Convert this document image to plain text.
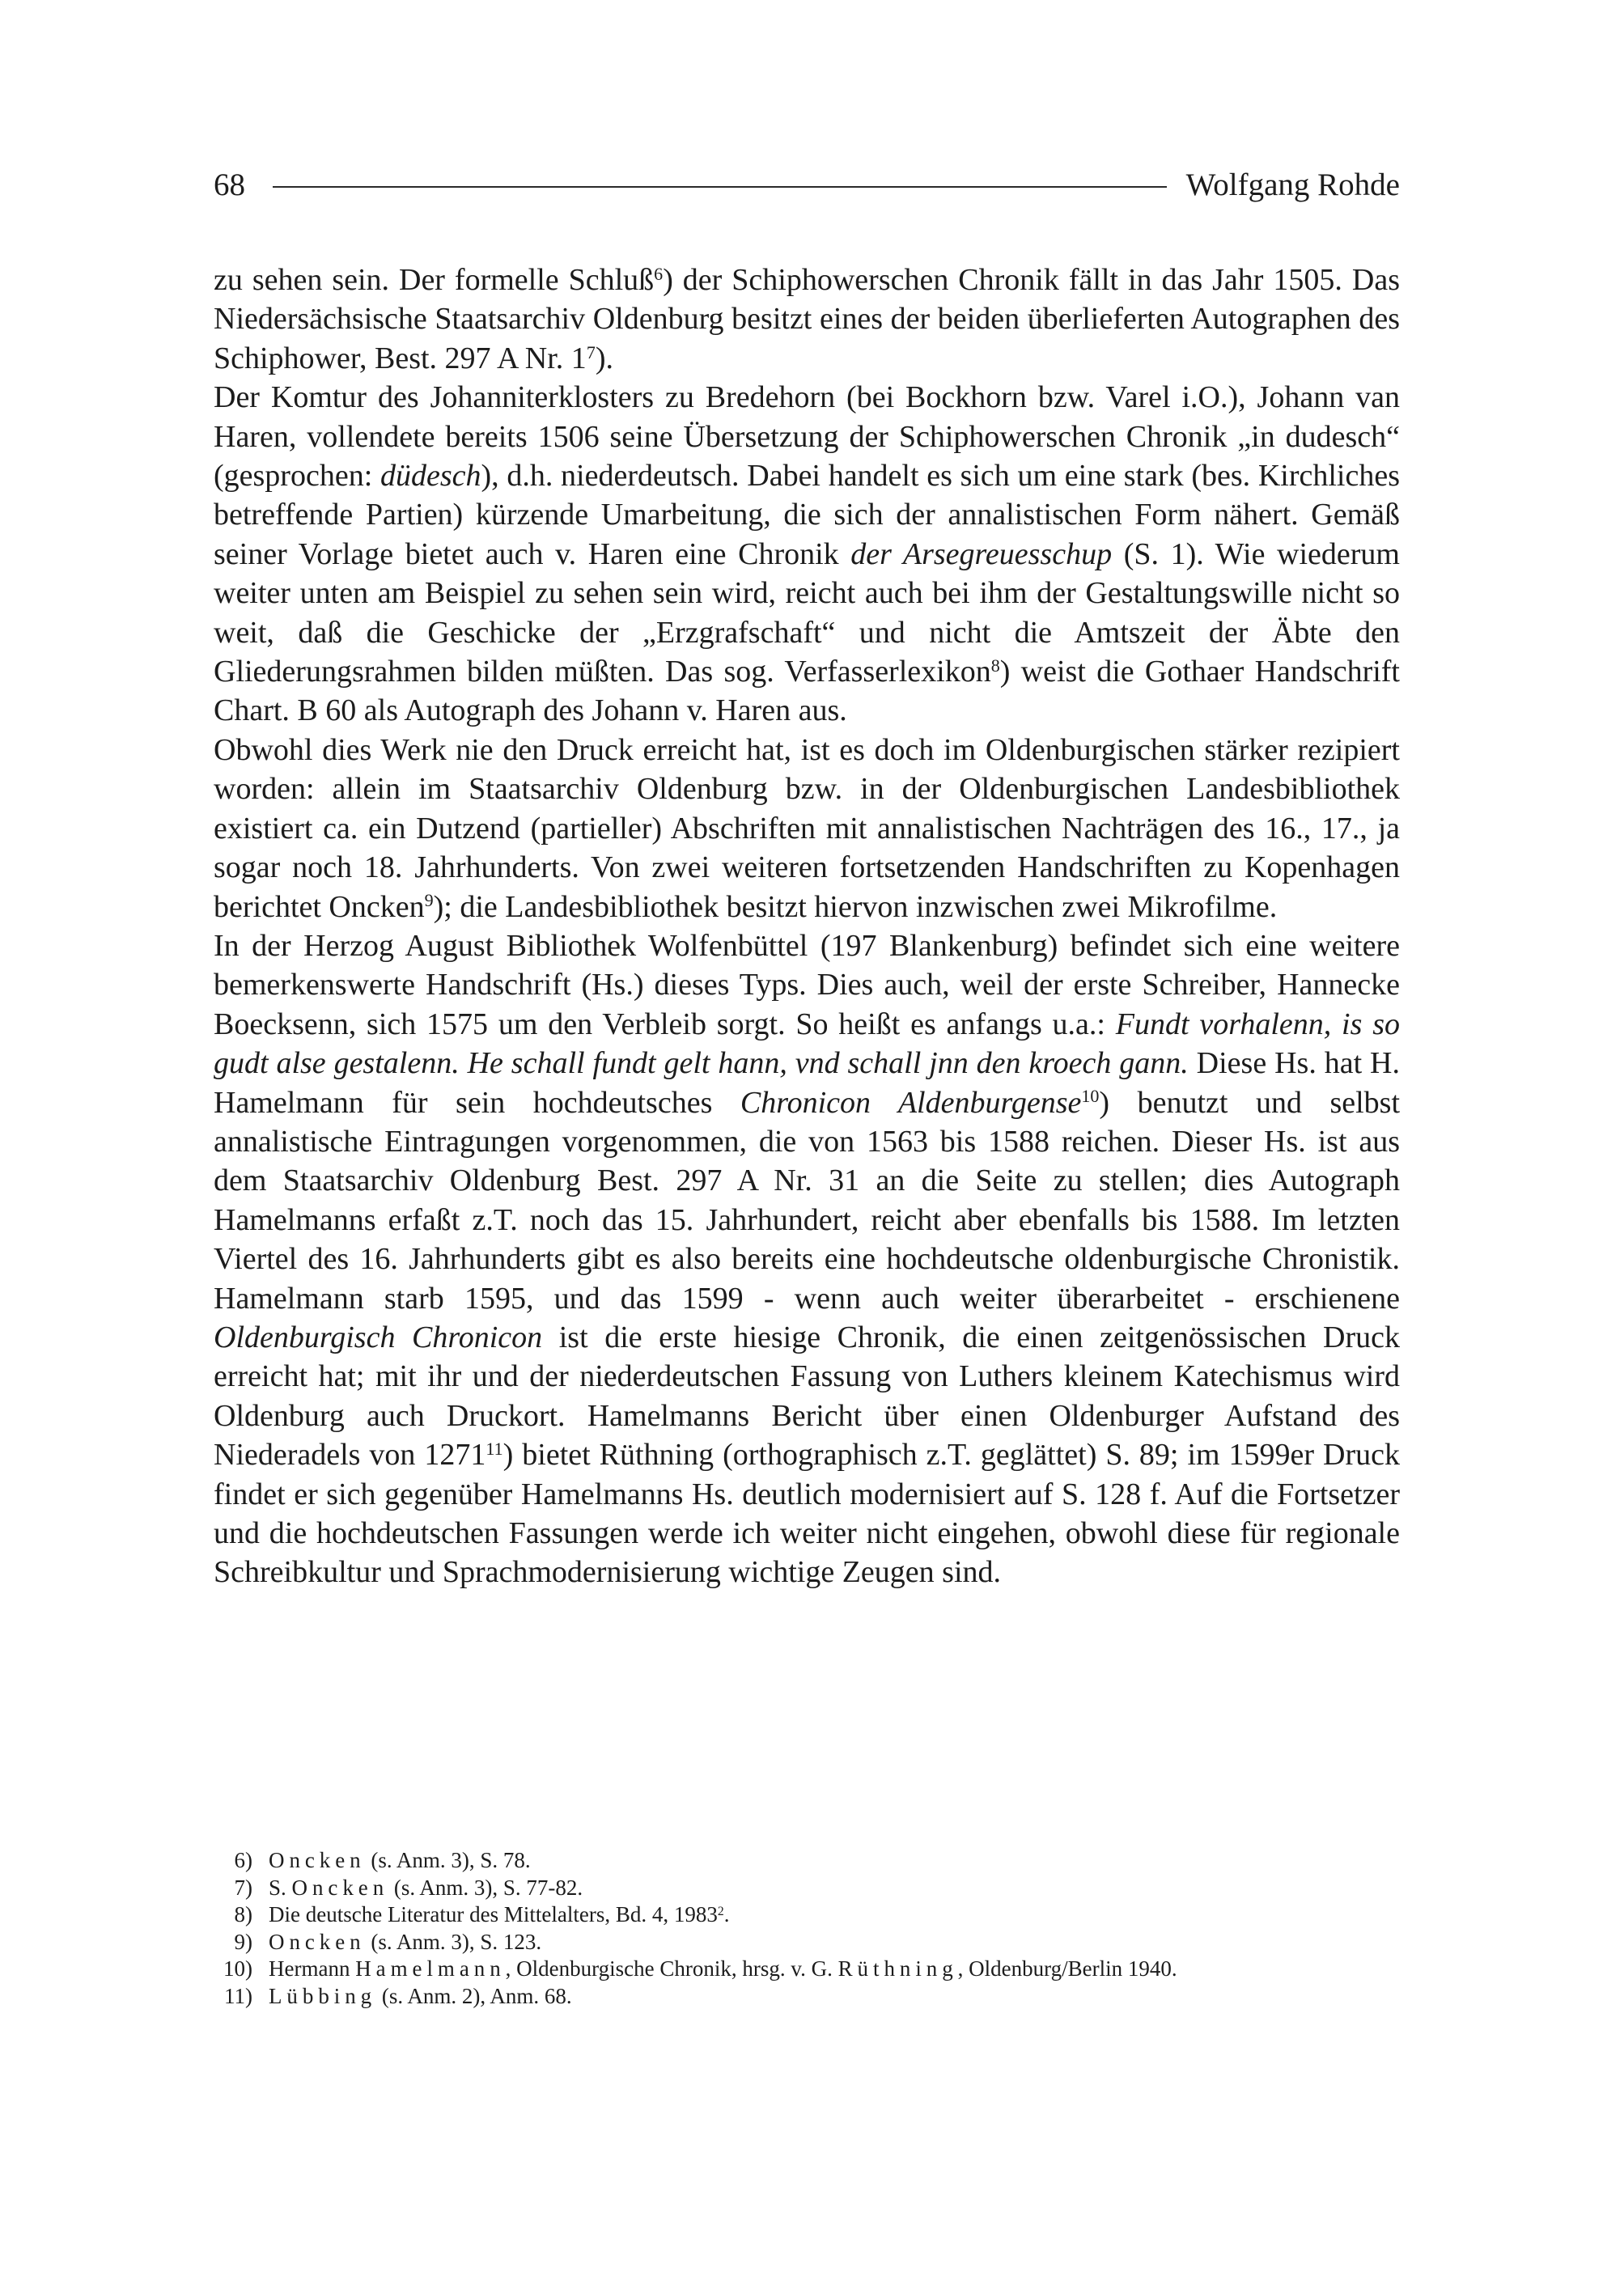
68	Wolfgang Rohde

zu sehen sein. Der formelle Schluß$^6$) der Schiphowerschen Chronik fällt in das Jahr 1505. Das Niedersächsische Staatsarchiv Oldenburg besitzt eines der beiden überlieferten Autographen des Schiphower, Best. 297 A Nr. $1^7$).

Der Komtur des Johanniterklosters zu Bredehorn (bei Bockhorn bzw. Varel i.O.), Johann van Haren, vollendete bereits 1506 seine Übersetzung der Schiphowerschen Chronik „in dudesch“ (gesprochen: düdesch), d.h. niederdeutsch. Dabei handelt es sich um eine stark (bes. Kirchliches betreffende Partien) kürzende Umarbeitung, die sich der annalistischen Form nähert. Gemäß seiner Vorlage bietet auch v. Haren eine Chronik der Arsegreuesschup (S. 1). Wie wiederum weiter unten am Beispiel zu sehen sein wird, reicht auch bei ihm der Gestaltungswille nicht so weit, daß die Geschicke der „Erzgrafschaft“ und nicht die Amtszeit der Äbte den Gliederungsrahmen bilden müßten. Das sog. Verfasserlexikon$^8$) weist die Gothaer Handschrift Chart. B 60 als Autograph des Johann v. Haren aus.

Obwohl dies Werk nie den Druck erreicht hat, ist es doch im Oldenburgischen stärker rezipiert worden: allein im Staatsarchiv Oldenburg bzw. in der Oldenburgischen Landesbibliothek existiert ca. ein Dutzend (partieller) Abschriften mit annalistischen Nachträgen des 16., 17., ja sogar noch 18. Jahrhunderts. Von zwei weiteren fortsetzenden Handschriften zu Kopenhagen berichtet Oncken$^9$); die Landesbibliothek besitzt hiervon inzwischen zwei Mikrofilme.

In der Herzog August Bibliothek Wolfenbüttel (197 Blankenburg) befindet sich eine weitere bemerkenswerte Handschrift (Hs.) dieses Typs. Dies auch, weil der erste Schreiber, Hannecke Boecksenn, sich 1575 um den Verbleib sorgt. So heißt es anfangs u.a.: Fundt vorhalenn, is so gudt alse gestalenn. He schall fundt gelt hann, vnd schall jnn den kroech gann. Diese Hs. hat H. Hamelmann für sein hochdeutsches Chronicon Aldenburgense$^{10}$) benutzt und selbst annalistische Eintragungen vorgenommen, die von 1563 bis 1588 reichen. Dieser Hs. ist aus dem Staatsarchiv Oldenburg Best. 297 A Nr. 31 an die Seite zu stellen; dies Autograph Hamelmanns erfaßt z.T. noch das 15. Jahrhundert, reicht aber ebenfalls bis 1588. Im letzten Viertel des 16. Jahrhunderts gibt es also bereits eine hochdeutsche oldenburgische Chronistik. Hamelmann starb 1595, und das 1599 - wenn auch weiter überarbeitet - erschienene Oldenburgisch Chronicon ist die erste hiesige Chronik, die einen zeitgenössischen Druck erreicht hat; mit ihr und der niederdeutschen Fassung von Luthers kleinem Katechismus wird Oldenburg auch Druckort. Hamelmanns Bericht über einen Oldenburger Aufstand des Niederadels von 1271$^{11}$) bietet Rüthning (orthographisch z.T. geglättet) S. 89; im 1599er Druck findet er sich gegenüber Hamelmanns Hs. deutlich modernisiert auf S. 128 f. Auf die Fortsetzer und die hochdeutschen Fassungen werde ich weiter nicht eingehen, obwohl diese für regionale Schreibkultur und Sprachmodernisierung wichtige Zeugen sind.

6) Oncken (s. Anm. 3), S. 78.
7) S. Oncken (s. Anm. 3), S. 77-82.
8) Die deutsche Literatur des Mittelalters, Bd. 4, 1983$^2$.
9) Oncken (s. Anm. 3), S. 123.
10) Hermann Hamelmann, Oldenburgische Chronik, hrsg. v. G. Rüthning, Oldenburg/Berlin 1940.
11) Lübbing (s. Anm. 2), Anm. 68.
